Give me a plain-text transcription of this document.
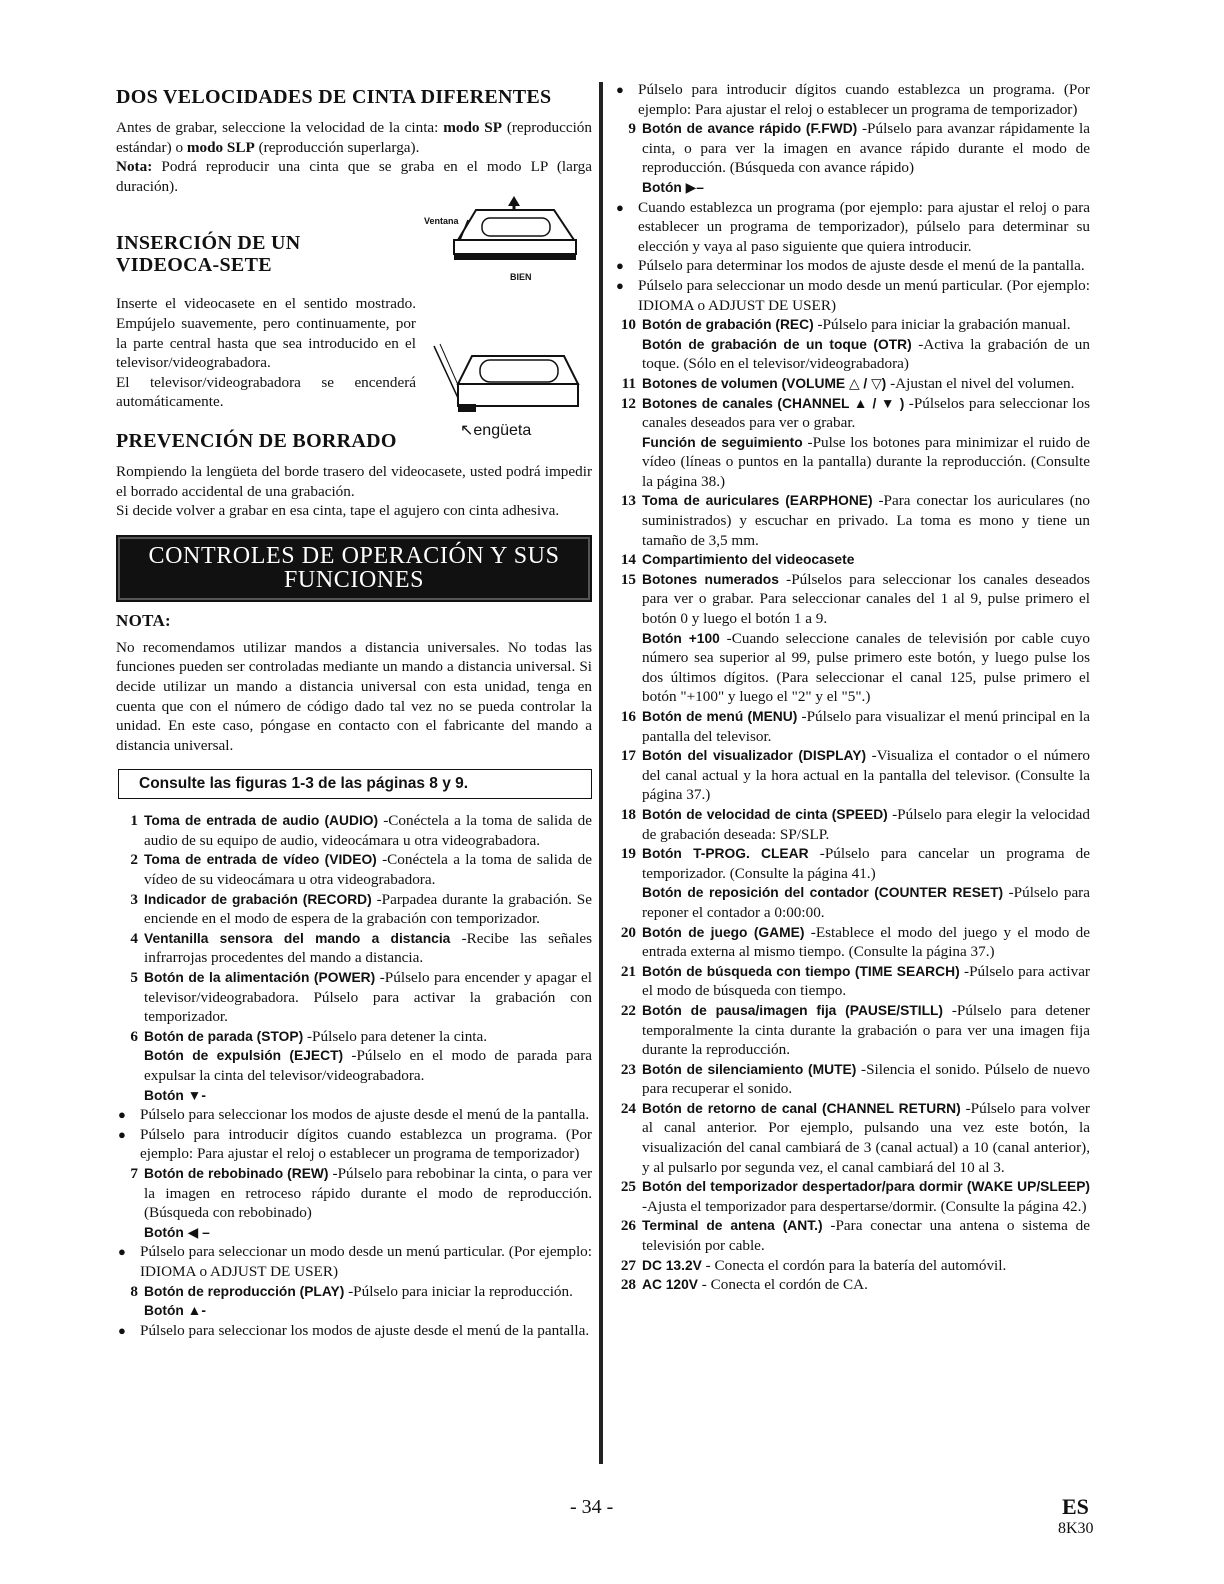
DOS VELOCIDADES DE CINTA DIFERENTES

Antes de grabar, seleccione la velocidad de la cinta: modo SP (reproducción estándar) o modo SLP (reproducción superlarga).

Nota: Podrá reproducir una cinta que se graba en el modo LP (larga duración).

INSERCIÓN DE UN VIDEOCA-SETE

Inserte el videocasete en el sentido mostrado. Empújelo suavemente, pero continuamente, por la parte central hasta que sea introducido en el televisor/videograbadora.

El televisor/videograbadora se encenderá automáticamente.

PREVENCIÓN DE BORRADO

Rompiendo la lengüeta del borde trasero del videocasete, usted podrá impedir el borrado accidental de una grabación.

Si decide volver a grabar en esa cinta, tape el agujero con cinta adhesiva.

CONTROLES DE OPERACIÓN Y SUS FUNCIONES
NOTA:

No recomendamos utilizar mandos a distancia universales. No todas las funciones pueden ser controladas mediante un mando a distancia universal. Si decide utilizar un mando a distancia universal con esta unidad, tenga en cuenta que con el número de código dado tal vez no se pueda controlar la unidad. En este caso, póngase en contacto con el fabricante del mando a distancia universal.

Consulte las figuras 1-3 de las páginas 8 y 9.
1 Toma de entrada de audio (AUDIO) -Conéctela a la toma de salida de audio de su equipo de audio, videocámara u otra videograbadora.
2 Toma de entrada de vídeo (VIDEO) -Conéctela a la toma de salida de vídeo de su videocámara u otra videograbadora.
3 Indicador de grabación (RECORD) -Parpadea durante la grabación. Se enciende en el modo de espera de la grabación con temporizador.
4 Ventanilla sensora del mando a distancia -Recibe las señales infrarrojas procedentes del mando a distancia.
5 Botón de la alimentación (POWER) -Púlselo para encender y apagar el televisor/videograbadora. Púlselo para activar la grabación con temporizador.
6 Botón de parada (STOP) -Púlselo para detener la cinta.
Botón de expulsión (EJECT) -Púlselo en el modo de parada para expulsar la cinta del televisor/videograbadora.
Botón ▼-
● Púlselo para seleccionar los modos de ajuste desde el menú de la pantalla.
● Púlselo para introducir dígitos cuando establezca un programa. (Por ejemplo: Para ajustar el reloj o establecer un programa de temporizador)
7 Botón de rebobinado (REW) -Púlselo para rebobinar la cinta, o para ver la imagen en retroceso rápido durante el modo de reproducción. (Búsqueda con rebobinado)
Botón ◀ –
● Púlselo para seleccionar un modo desde un menú particular. (Por ejemplo: IDIOMA o ADJUST DE USER)
8 Botón de reproducción (PLAY) -Púlselo para iniciar la reproducción.
Botón ▲-
● Púlselo para seleccionar los modos de ajuste desde el menú de la pantalla.
Ventana
BIEN
↖engüeta
● Púlselo para introducir dígitos cuando establezca un programa. (Por ejemplo: Para ajustar el reloj o establecer un programa de temporizador)
9 Botón de avance rápido (F.FWD) -Púlselo para avanzar rápidamente la cinta, o para ver la imagen en avance rápido durante el modo de reproducción. (Búsqueda con avance rápido)
Botón ▶–
● Cuando establezca un programa (por ejemplo: para ajustar el reloj o para establecer un programa de temporizador), púlselo para determinar su elección y vaya al paso siguiente que quiera introducir.
● Púlselo para determinar los modos de ajuste desde el menú de la pantalla.
● Púlselo para seleccionar un modo desde un menú particular. (Por ejemplo: IDIOMA o ADJUST DE USER)
10 Botón de grabación (REC) -Púlselo para iniciar la grabación manual.
Botón de grabación de un toque (OTR) -Activa la grabación de un toque. (Sólo en el televisor/videograbadora)
11 Botones de volumen (VOLUME △ / ▽) -Ajustan el nivel del volumen.
12 Botones de canales (CHANNEL ▲ / ▼ ) -Púlselos para seleccionar los canales deseados para ver o grabar.
Función de seguimiento -Pulse los botones para minimizar el ruido de vídeo (líneas o puntos en la pantalla) durante la reproducción. (Consulte la página 38.)
13 Toma de auriculares (EARPHONE) -Para conectar los auriculares (no suministrados) y escuchar en privado. La toma es mono y tiene un tamaño de 3,5 mm.
14 Compartimiento del videocasete
15 Botones numerados -Púlselos para seleccionar los canales deseados para ver o grabar. Para seleccionar canales del 1 al 9, pulse primero el botón 0 y luego el botón 1 a 9.
Botón +100 -Cuando seleccione canales de televisión por cable cuyo número sea superior al 99, pulse primero este botón, y luego pulse los dos últimos dígitos. (Para seleccionar el canal 125, pulse primero el botón "+100" y luego el "2" y el "5".)
16 Botón de menú (MENU) -Púlselo para visualizar el menú principal en la pantalla del televisor.
17 Botón del visualizador (DISPLAY) -Visualiza el contador o el número del canal actual y la hora actual en la pantalla del televisor. (Consulte la página 37.)
18 Botón de velocidad de cinta (SPEED) -Púlselo para elegir la velocidad de grabación deseada: SP/SLP.
19 Botón T-PROG. CLEAR -Púlselo para cancelar un programa de temporizador. (Consulte la página 41.)
Botón de reposición del contador (COUNTER RESET) -Púlselo para reponer el contador a 0:00:00.
20 Botón de juego (GAME) -Establece el modo del juego y el modo de entrada externa al mismo tiempo. (Consulte la página 37.)
21 Botón de búsqueda con tiempo (TIME SEARCH) -Púlselo para activar el modo de búsqueda con tiempo.
22 Botón de pausa/imagen fija (PAUSE/STILL) -Púlselo para detener temporalmente la cinta durante la grabación o para ver una imagen fija durante la reproducción.
23 Botón de silenciamiento (MUTE) -Silencia el sonido. Púlselo de nuevo para recuperar el sonido.
24 Botón de retorno de canal (CHANNEL RETURN) -Púlselo para volver al canal anterior. Por ejemplo, pulsando una vez este botón, la visualización del canal cambiará de 3 (canal actual) a 10 (canal anterior), y al pulsarlo por segunda vez, el canal cambiará del 10 al 3.
25 Botón del temporizador despertador/para dormir (WAKE UP/SLEEP) -Ajusta el temporizador para despertarse/dormir. (Consulte la página 42.)
26 Terminal de antena (ANT.) -Para conectar una antena o sistema de televisión por cable.
27 DC 13.2V - Conecta el cordón para la batería del automóvil.
28 AC 120V - Conecta el cordón de CA.
- 34 -	ES
8K30
